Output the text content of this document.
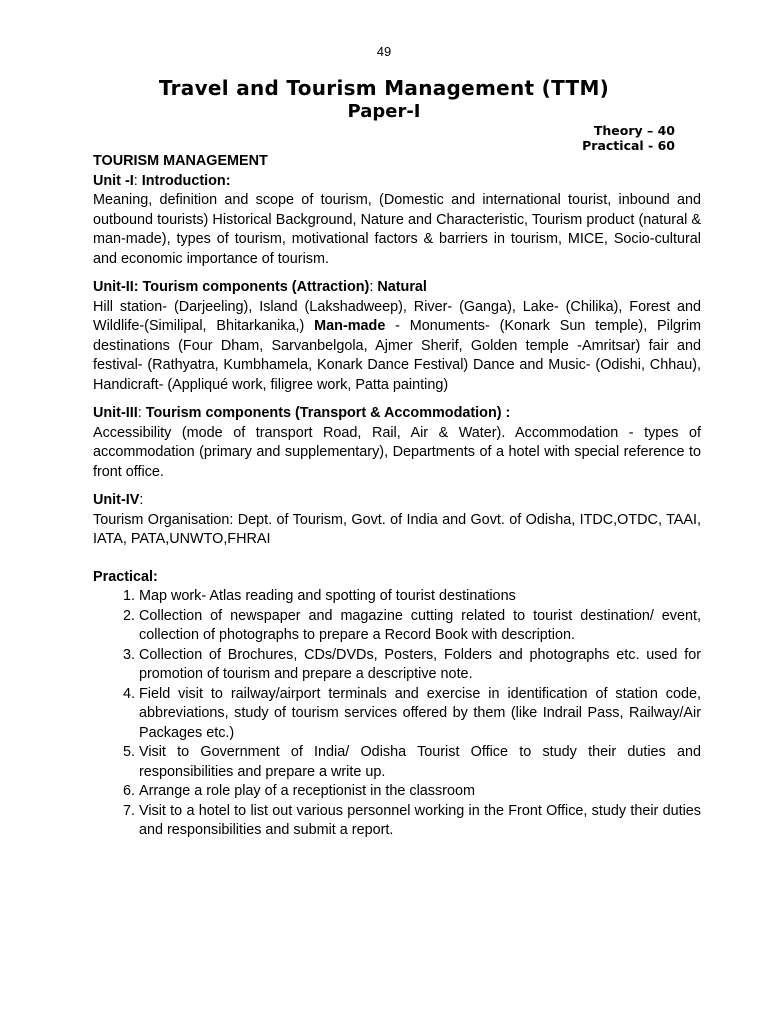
49
Travel and Tourism Management (TTM)
Paper-I
Theory – 40
Practical - 60
TOURISM MANAGEMENT
Unit -I: Introduction:

Meaning, definition and scope of tourism, (Domestic and international tourist, inbound and outbound tourists) Historical Background, Nature and Characteristic, Tourism product (natural & man-made), types of tourism, motivational factors & barriers in tourism, MICE, Socio-cultural and economic importance of tourism.

Unit-II: Tourism components (Attraction): Natural

Hill station- (Darjeeling), Island (Lakshadweep), River- (Ganga), Lake- (Chilika), Forest and Wildlife-(Similipal, Bhitarkanika,) Man-made - Monuments- (Konark Sun temple), Pilgrim destinations (Four Dham, Sarvanbelgola, Ajmer Sherif, Golden temple -Amritsar) fair and festival- (Rathyatra, Kumbhamela, Konark Dance Festival) Dance and Music- (Odishi, Chhau), Handicraft- (Appliqué work, filigree work, Patta painting)

Unit-III: Tourism components (Transport & Accommodation) :

Accessibility (mode of transport Road, Rail, Air & Water). Accommodation - types of accommodation (primary and supplementary), Departments of a hotel with special reference to front office.

Unit-IV:

Tourism Organisation: Dept. of Tourism, Govt. of India and Govt. of Odisha, ITDC,OTDC, TAAI, IATA, PATA,UNWTO,FHRAI

Practical:
1. Map work- Atlas reading and spotting of tourist destinations
2. Collection of newspaper and magazine cutting related to tourist destination/ event, collection of photographs to prepare a Record Book with description.
3. Collection of Brochures, CDs/DVDs, Posters, Folders and photographs etc. used for promotion of tourism and prepare a descriptive note.
4. Field visit to railway/airport terminals and exercise in identification of station code, abbreviations, study of tourism services offered by them (like Indrail Pass, Railway/Air Packages etc.)
5. Visit to Government of India/ Odisha Tourist Office to study their duties and responsibilities and prepare a write up.
6. Arrange a role play of a receptionist in the classroom
7. Visit to a hotel to list out various personnel working in the Front Office, study their duties and responsibilities and submit a report.
